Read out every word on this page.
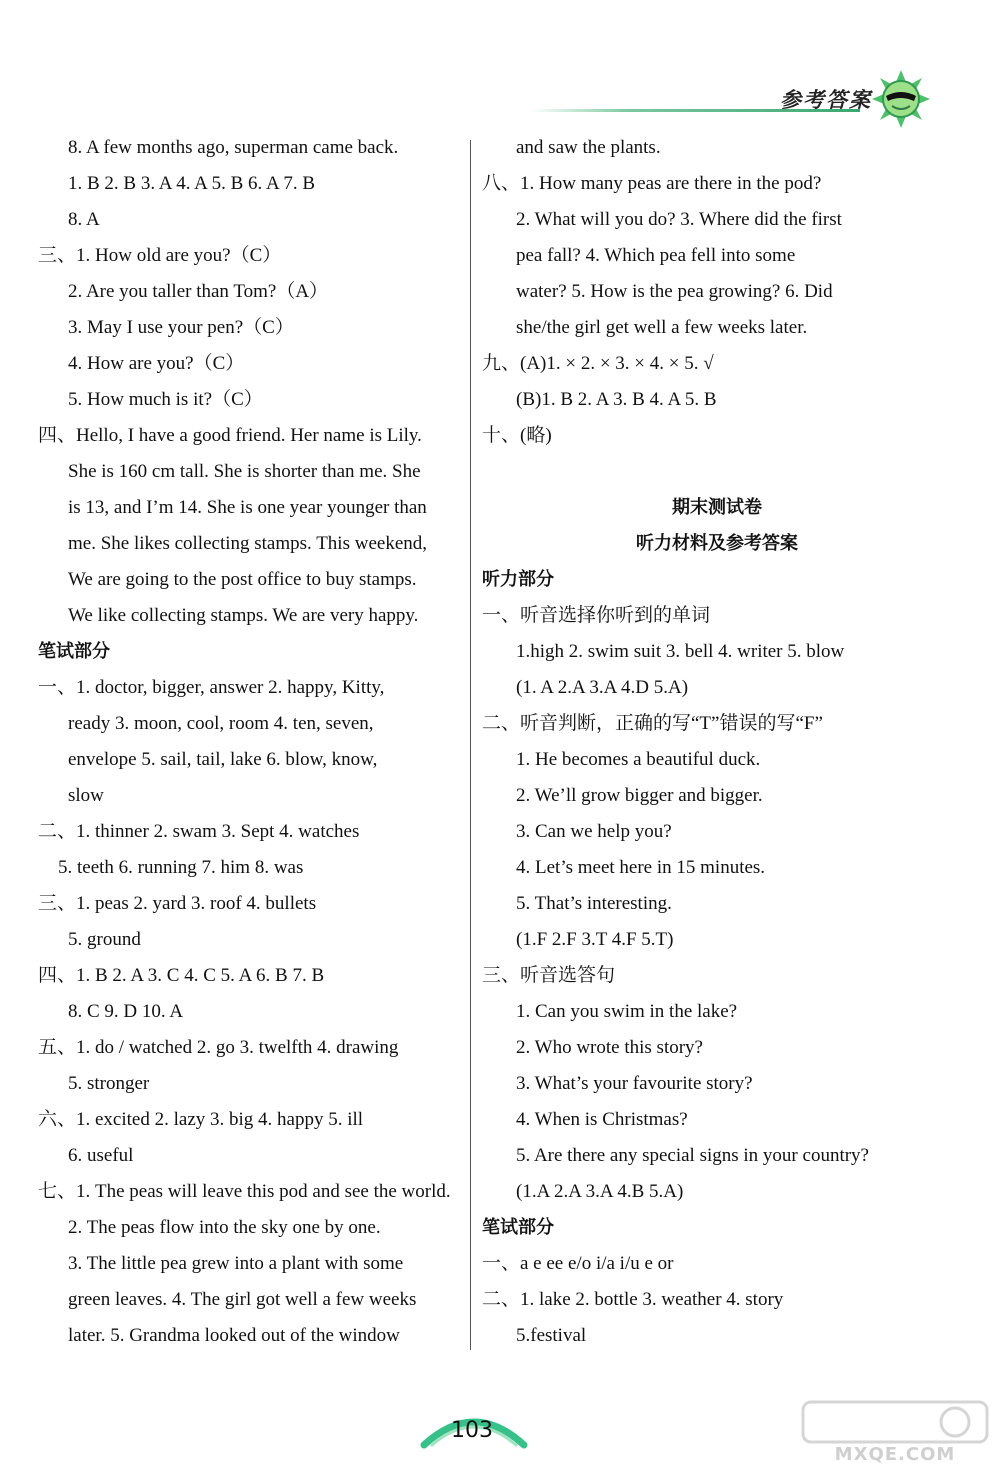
参考答案
8. A few months ago, superman came back.
1. B 2. B 3. A 4. A 5. B 6. A 7. B
8. A
三、1. How old are you?（C）
2. Are you taller than Tom?（A）
3. May I use your pen?（C）
4. How are you?（C）
5. How much is it?（C）
四、Hello, I have a good friend. Her name is Lily.
She is 160 cm tall. She is shorter than me. She
is 13, and I’m 14. She is one year younger than
me. She likes collecting stamps. This weekend,
We are going to the post office to buy stamps.
We like collecting stamps. We are very happy.
笔试部分
一、1. doctor, bigger, answer 2. happy, Kitty,
ready 3. moon, cool, room 4. ten, seven,
envelope 5. sail, tail, lake 6. blow, know,
slow
二、1. thinner 2. swam 3. Sept 4. watches
5. teeth 6. running 7. him 8. was
三、1. peas 2. yard 3. roof 4. bullets
5. ground
四、1. B 2. A 3. C 4. C 5. A 6. B 7. B
8. C 9. D 10. A
五、1. do / watched 2. go 3. twelfth 4. drawing
5. stronger
六、1. excited 2. lazy 3. big 4. happy 5. ill
6. useful
七、1. The peas will leave this pod and see the world.
2. The peas flow into the sky one by one.
3. The little pea grew into a plant with some
green leaves. 4. The girl got well a few weeks
later. 5. Grandma looked out of the window
and saw the plants.
八、1. How many peas are there in the pod?
2. What will you do? 3. Where did the first
pea fall? 4. Which pea fell into some
water? 5. How is the pea growing? 6. Did
she/the girl get well a few weeks later.
九、(A)1. × 2. × 3. × 4. × 5. √
(B)1. B 2. A 3. B 4. A 5. B
十、(略)
期末测试卷
听力材料及参考答案
听力部分
一、听音选择你听到的单词
1.high 2. swim suit 3. bell 4. writer 5. blow
(1. A 2.A 3.A 4.D 5.A)
二、听音判断，正确的写“T”错误的写“F”
1. He becomes a beautiful duck.
2. We’ll grow bigger and bigger.
3. Can we help you?
4. Let’s meet here in 15 minutes.
5. That’s interesting.
(1.F 2.F 3.T 4.F 5.T)
三、听音选答句
1. Can you swim in the lake?
2. Who wrote this story?
3. What’s your favourite story?
4. When is Christmas?
5. Are there any special signs in your country?
(1.A 2.A 3.A 4.B 5.A)
笔试部分
一、a e ee e/o i/a i/u e or
二、1. lake 2. bottle 3. weather 4. story
5.festival
103
MXQE.COM
